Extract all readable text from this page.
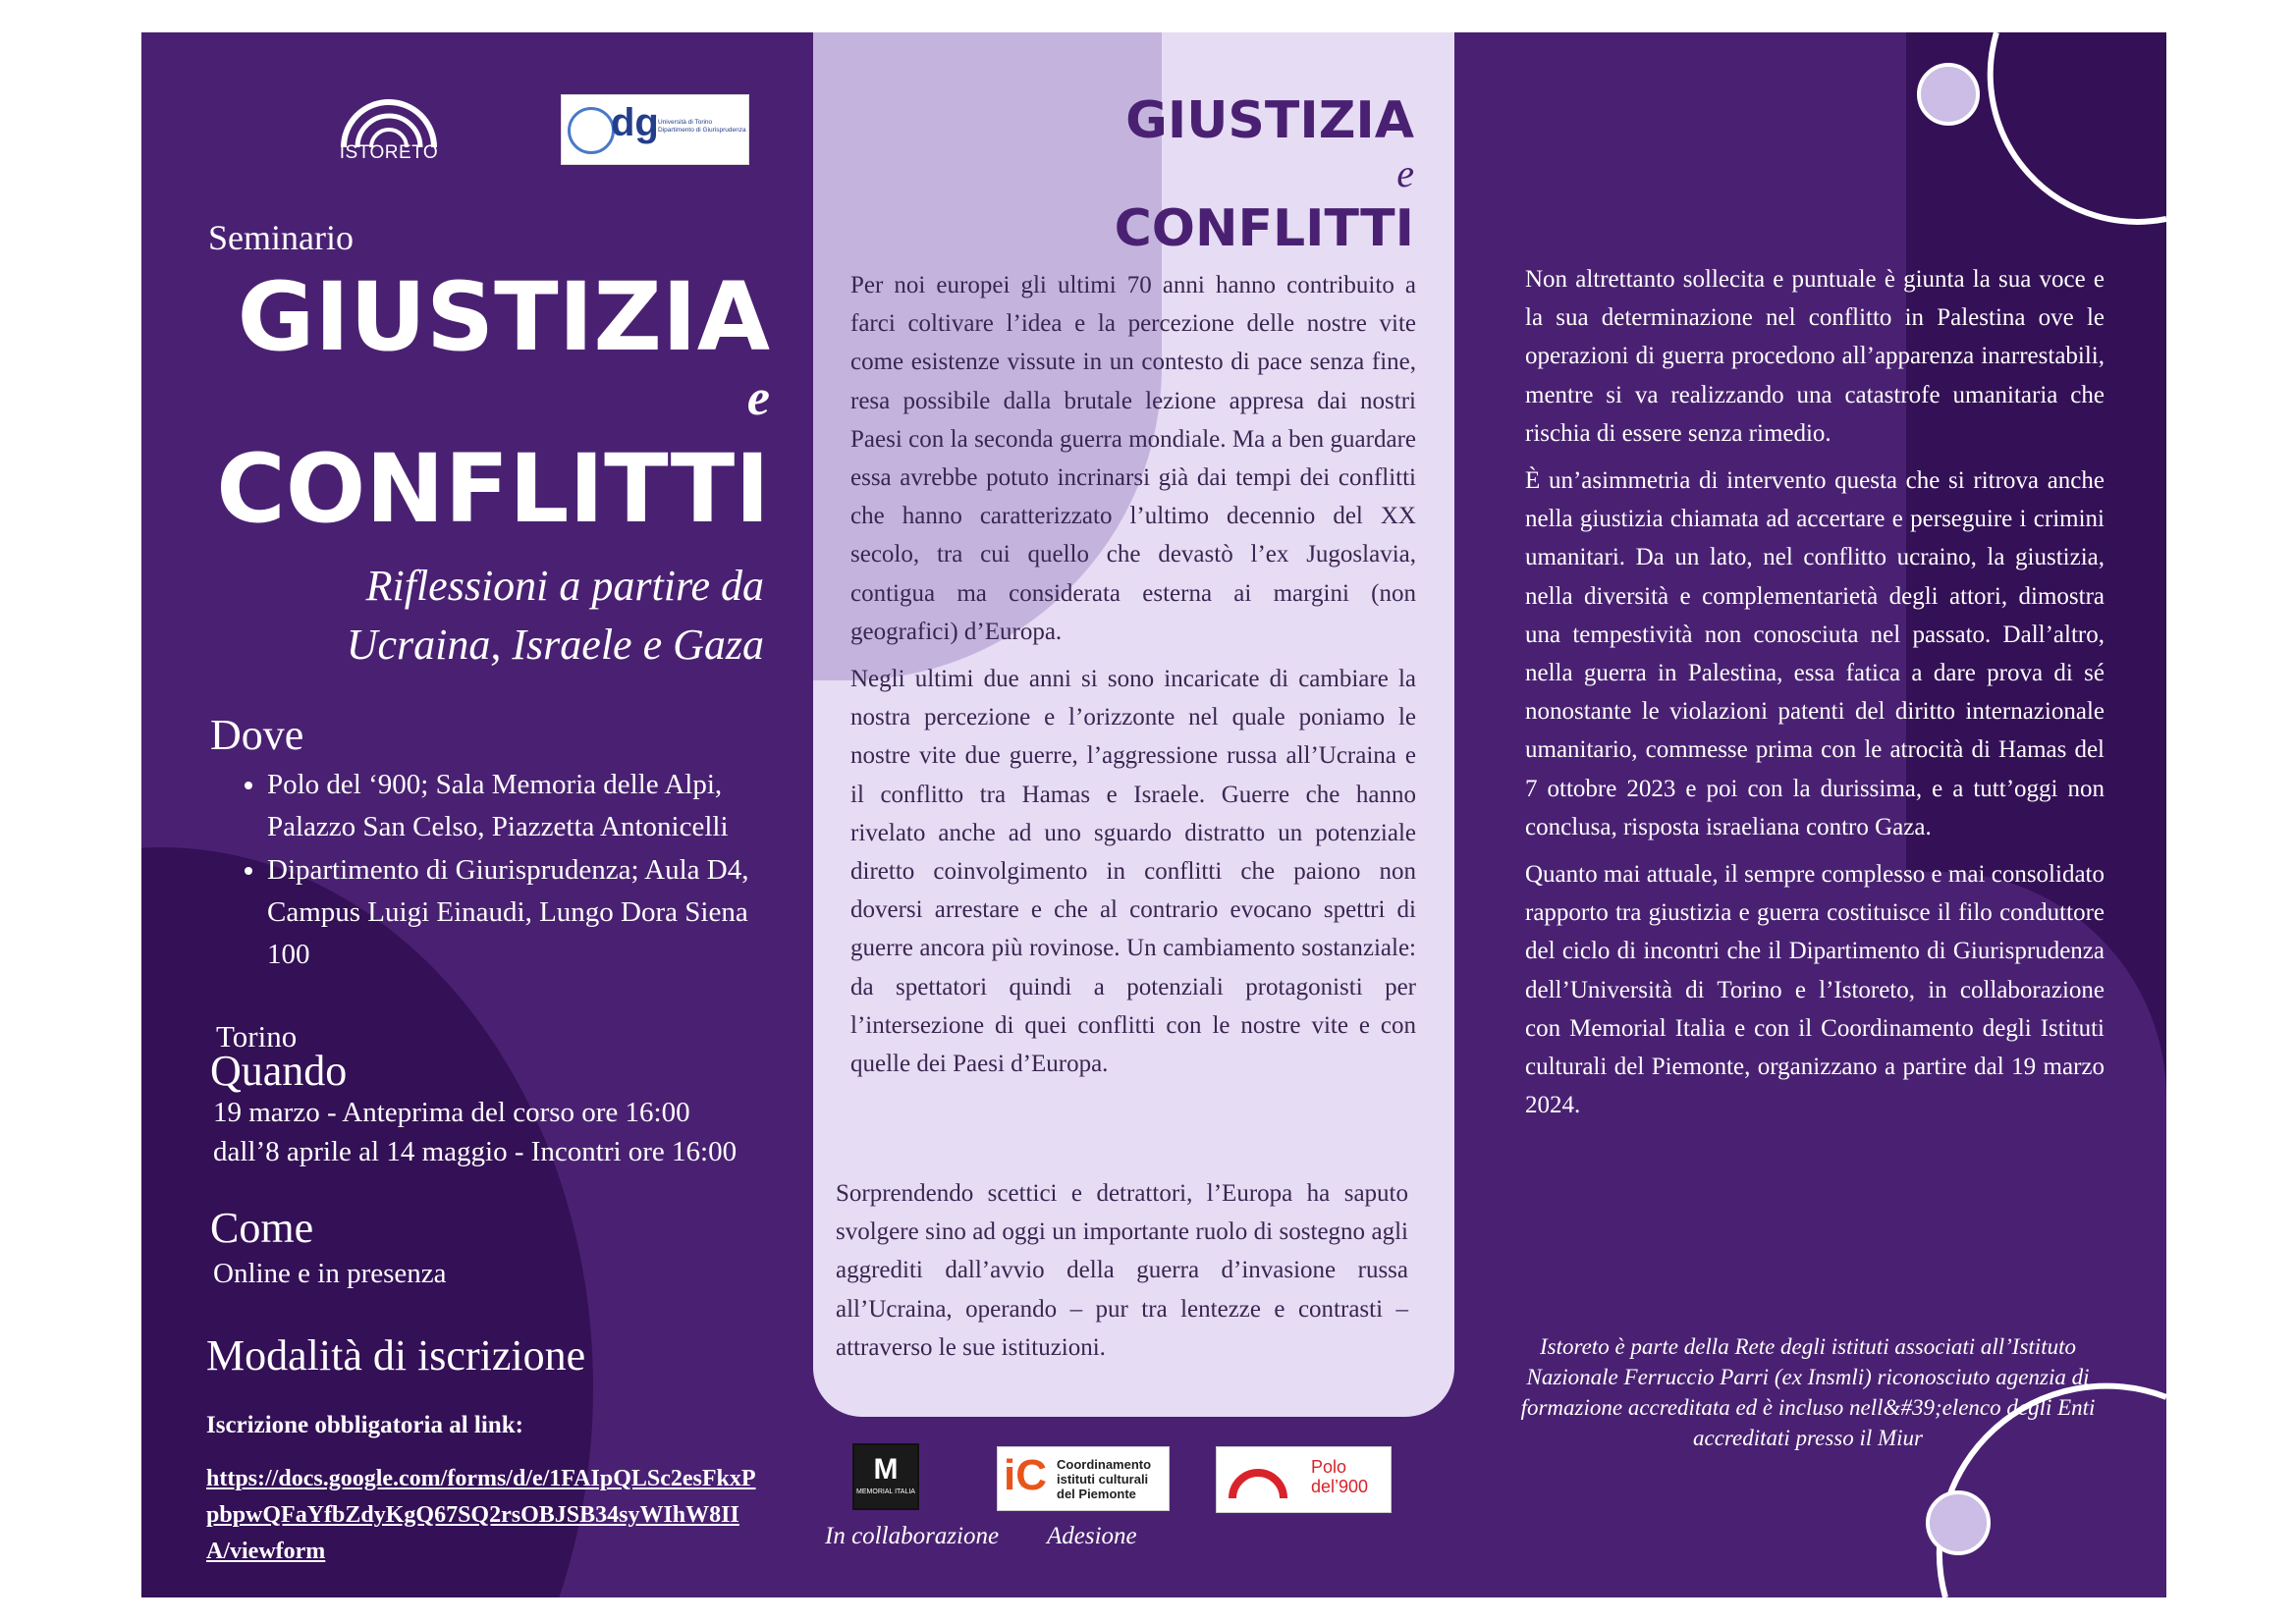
ISTORETO
dg Università di Torino Dipartimento di Giurisprudenza
Seminario
GIUSTIZIA
e
CONFLITTI
Riflessioni a partire da
Ucraina, Israele e Gaza
Dove
• Polo del ‘900; Sala Memoria delle Alpi, Palazzo San Celso, Piazzetta Antonicelli
• Dipartimento di Giurisprudenza; Aula D4, Campus Luigi Einaudi, Lungo Dora Siena 100
Torino
Quando
19 marzo - Anteprima del corso ore 16:00
dall’8 aprile al 14 maggio - Incontri ore 16:00
Come
Online e in presenza
Modalità di iscrizione
Iscrizione obbligatoria al link:
https://docs.google.com/forms/d/e/1FAIpQLSc2esFkxPpbpwQFaYfbZdyKgQ67SQ2rsOBJSB34syWIhW8IIA/viewform
GIUSTIZIA
e
CONFLITTI

Per noi europei gli ultimi 70 anni hanno contribuito a farci coltivare l’idea e la percezione delle nostre vite come esistenze vissute in un contesto di pace senza fine, resa possibile dalla brutale lezione appresa dai nostri Paesi con la seconda guerra mondiale. Ma a ben guardare essa avrebbe potuto incrinarsi già dai tempi dei conflitti che hanno caratterizzato l’ultimo decennio del XX secolo, tra cui quello che devastò l’ex Jugoslavia, contigua ma considerata esterna ai margini (non geografici) d’Europa.

Negli ultimi due anni si sono incaricate di cambiare la nostra percezione e l’orizzonte nel quale poniamo le nostre vite due guerre, l’aggressione russa all’Ucraina e il conflitto tra Hamas e Israele. Guerre che hanno rivelato anche ad uno sguardo distratto un potenziale diretto coinvolgimento in conflitti che paiono non doversi arrestare e che al contrario evocano spettri di guerre ancora più rovinose. Un cambiamento sostanziale: da spettatori quindi a potenziali protagonisti per l’intersezione di quei conflitti con le nostre vite e con quelle dei Paesi d’Europa.

Sorprendendo scettici e detrattori, l’Europa ha saputo svolgere sino ad oggi un importante ruolo di sostegno agli aggrediti dall’avvio della guerra d’invasione russa all’Ucraina, operando – pur tra lentezze e contrasti – attraverso le sue istituzioni.

M
MEMORIAL ITALIA iC Coordinamento istituti culturali del Piemonte
Polo del’900
In collaborazione Adesione

Non altrettanto sollecita e puntuale è giunta la sua voce e la sua determinazione nel conflitto in Palestina ove le operazioni di guerra procedono all’apparenza inarrestabili, mentre si va realizzando una catastrofe umanitaria che rischia di essere senza rimedio.

È un’asimmetria di intervento questa che si ritrova anche nella giustizia chiamata ad accertare e perseguire i crimini umanitari. Da un lato, nel conflitto ucraino, la giustizia, nella diversità e complementarietà degli attori, dimostra una tempestività non conosciuta nel passato. Dall’altro, nella guerra in Palestina, essa fatica a dare prova di sé nonostante le violazioni patenti del diritto internazionale umanitario, commesse prima con le atrocità di Hamas del 7 ottobre 2023 e poi con la durissima, e a tutt’oggi non conclusa, risposta israeliana contro Gaza.

Quanto mai attuale, il sempre complesso e mai consolidato rapporto tra giustizia e guerra costituisce il filo conduttore del ciclo di incontri che il Dipartimento di Giurisprudenza dell’Università di Torino e l’Istoreto, in collaborazione con Memorial Italia e con il Coordinamento degli Istituti culturali del Piemonte, organizzano a partire dal 19 marzo 2024.

Istoreto è parte della Rete degli istituti associati all’Istituto Nazionale Ferruccio Parri (ex Insmli) riconosciuto agenzia di formazione accreditata ed è incluso nell&#39;elenco degli Enti accreditati presso il Miur
